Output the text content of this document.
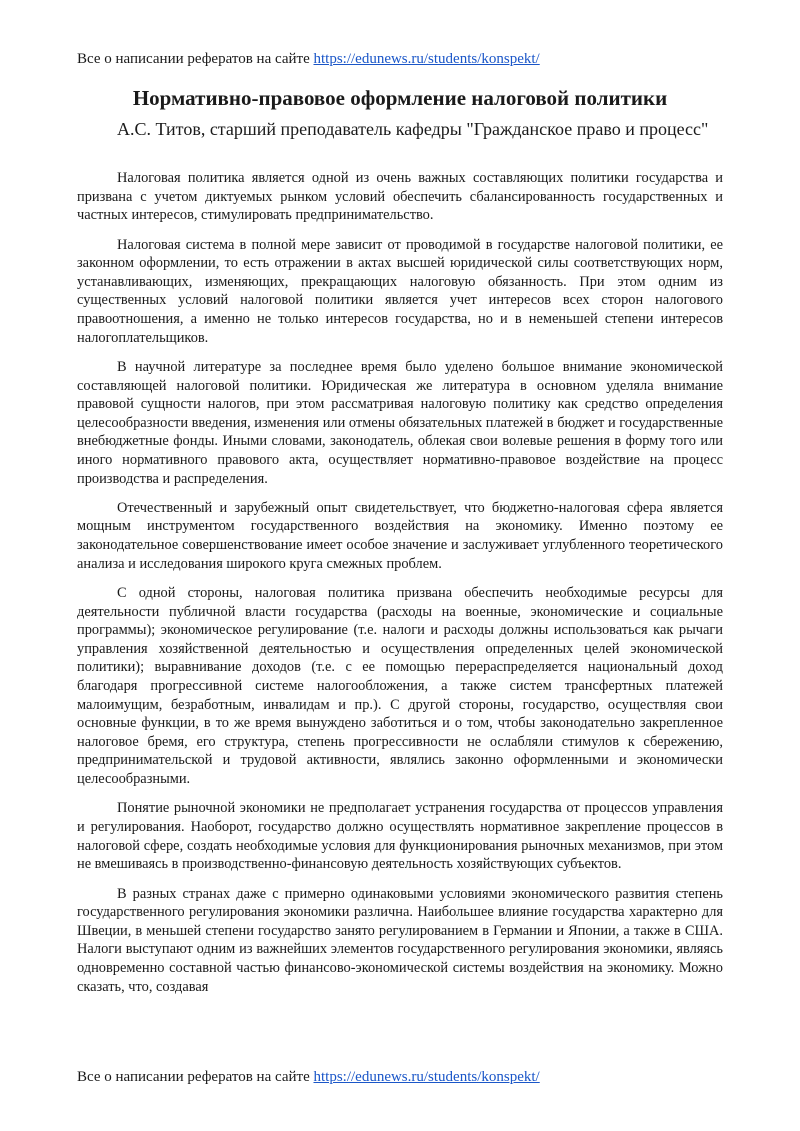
Все о написании рефератов на сайте https://edunews.ru/students/konspekt/
Нормативно-правовое оформление налоговой политики
А.С. Титов, старший преподаватель кафедры "Гражданское право и процесс"

Налоговая политика является одной из очень важных составляющих политики государства и призвана с учетом диктуемых рынком условий обеспечить сбалансированность государственных и частных интересов, стимулировать предпринимательство.

Налоговая система в полной мере зависит от проводимой в государстве налоговой политики, ее законном оформлении, то есть отражении в актах высшей юридической силы соответствующих норм, устанавливающих, изменяющих, прекращающих налоговую обязанность. При этом одним из существенных условий налоговой политики является учет интересов всех сторон налогового правоотношения, а именно не только интересов государства, но и в неменьшей степени интересов налогоплательщиков.

В научной литературе за последнее время было уделено большое внимание экономической составляющей налоговой политики. Юридическая же литература в основном уделяла внимание правовой сущности налогов, при этом рассматривая налоговую политику как средство определения целесообразности введения, изменения или отмены обязательных платежей в бюджет и государственные внебюджетные фонды. Иными словами, законодатель, облекая свои волевые решения в форму того или иного нормативного правового акта, осуществляет нормативно-правовое воздействие на процесс производства и распределения.

Отечественный и зарубежный опыт свидетельствует, что бюджетно-налоговая сфера является мощным инструментом государственного воздействия на экономику. Именно поэтому ее законодательное совершенствование имеет особое значение и заслуживает углубленного теоретического анализа и исследования широкого круга смежных проблем.

С одной стороны, налоговая политика призвана обеспечить необходимые ресурсы для деятельности публичной власти государства (расходы на военные, экономические и социальные программы); экономическое регулирование (т.е. налоги и расходы должны использоваться как рычаги управления хозяйственной деятельностью и осуществления определенных целей экономической политики); выравнивание доходов (т.е. с ее помощью перераспределяется национальный доход благодаря прогрессивной системе налогообложения, а также систем трансфертных платежей малоимущим, безработным, инвалидам и пр.). С другой стороны, государство, осуществляя свои основные функции, в то же время вынуждено заботиться и о том, чтобы законодательно закрепленное налоговое бремя, его структура, степень прогрессивности не ослабляли стимулов к сбережению, предпринимательской и трудовой активности, являлись законно оформленными и экономически целесообразными.

Понятие рыночной экономики не предполагает устранения государства от процессов управления и регулирования. Наоборот, государство должно осуществлять нормативное закрепление процессов в налоговой сфере, создать необходимые условия для функционирования рыночных механизмов, при этом не вмешиваясь в производственно-финансовую деятельность хозяйствующих субъектов.

В разных странах даже с примерно одинаковыми условиями экономического развития степень государственного регулирования экономики различна. Наибольшее влияние государства характерно для Швеции, в меньшей степени государство занято регулированием в Германии и Японии, а также в США. Налоги выступают одним из важнейших элементов государственного регулирования экономики, являясь одновременно составной частью финансово-экономической системы воздействия на экономику. Можно сказать, что, создавая

Все о написании рефератов на сайте https://edunews.ru/students/konspekt/
